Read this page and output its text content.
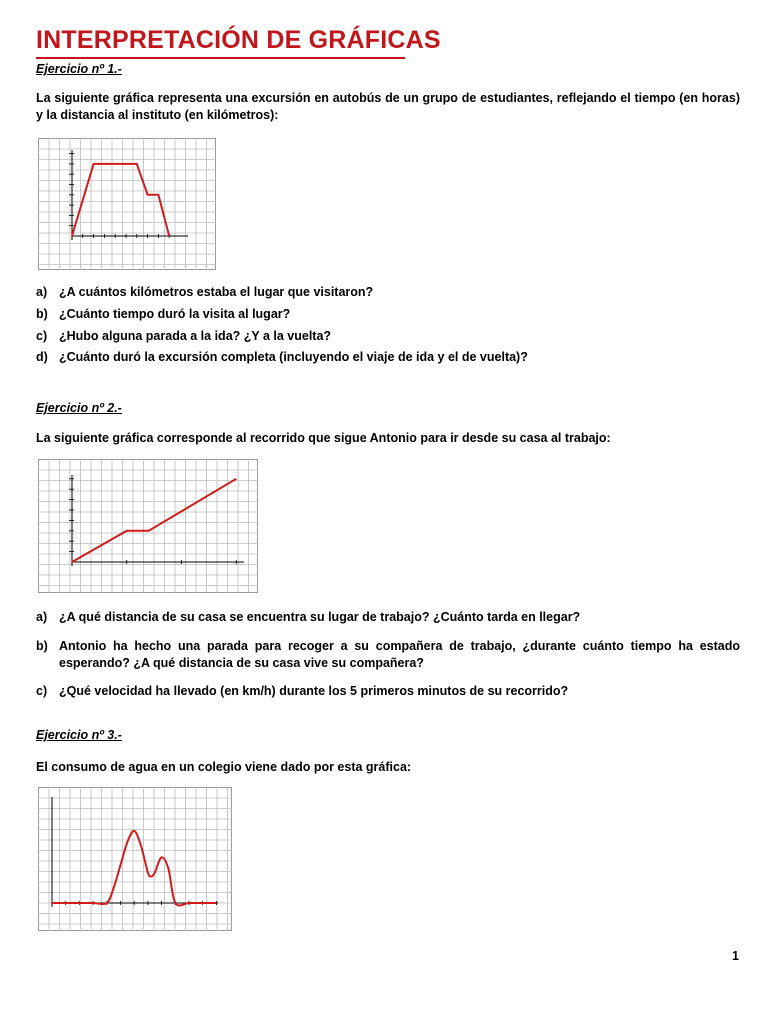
INTERPRETACIÓN DE GRÁFICAS
Ejercicio nº 1.-
La siguiente gráfica representa una excursión en autobús de un grupo de estudiantes, reflejando el tiempo (en horas) y la distancia al instituto (en kilómetros):
a) ¿A cuántos kilómetros estaba el lugar que visitaron?
b) ¿Cuánto tiempo duró la visita al lugar?
c) ¿Hubo alguna parada a la ida? ¿Y a la vuelta?
d) ¿Cuánto duró la excursión completa (incluyendo el viaje de ida y el de vuelta)?
Ejercicio nº 2.-
La siguiente gráfica corresponde al recorrido que sigue Antonio para ir desde su casa al trabajo:
a) ¿A qué distancia de su casa se encuentra su lugar de trabajo? ¿Cuánto tarda en llegar?
b) Antonio ha hecho una parada para recoger a su compañera de trabajo, ¿durante cuánto tiempo ha estado esperando? ¿A qué distancia de su casa vive su compañera?
c) ¿Qué velocidad ha llevado (en km/h) durante los 5 primeros minutos de su recorrido?
Ejercicio nº 3.-
El consumo de agua en un colegio viene dado por esta gráfica:
1
